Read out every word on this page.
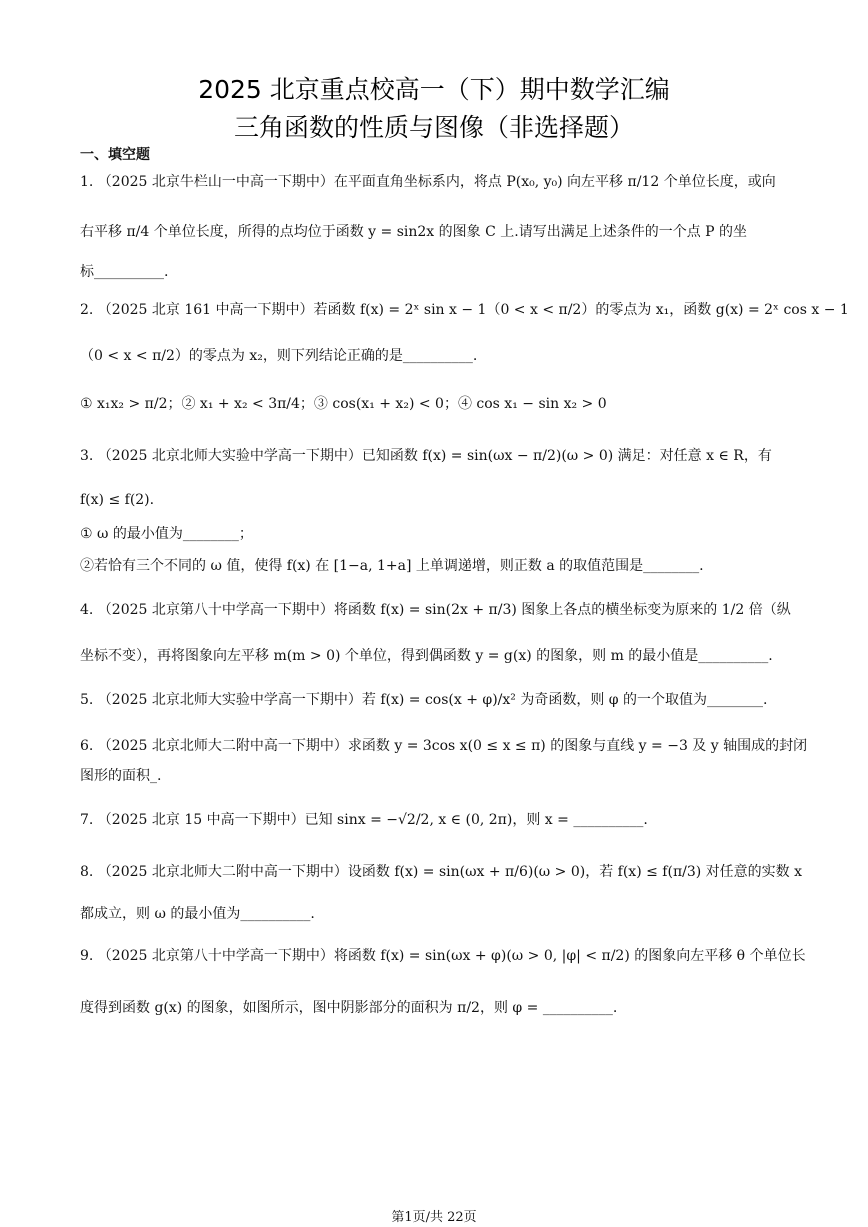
2025 北京重点校高一（下）期中数学汇编
三角函数的性质与图像（非选择题）
一、填空题
1. （2025 北京牛栏山一中高一下期中）在平面直角坐标系内，将点 P(x₀, y₀) 向左平移 π/12 个单位长度，或向
右平移 π/4 个单位长度，所得的点均位于函数 y = sin2x 的图象 C 上.请写出满足上述条件的一个点 P 的坐
标__________.
2. （2025 北京 161 中高一下期中）若函数 f(x) = 2ˣ sin x − 1（0 < x < π/2）的零点为 x₁，函数 g(x) = 2ˣ cos x − 1
（0 < x < π/2）的零点为 x₂，则下列结论正确的是__________.
① x₁x₂ > π/2；② x₁ + x₂ < 3π/4；③ cos(x₁ + x₂) < 0；④ cos x₁ − sin x₂ > 0
3. （2025 北京北师大实验中学高一下期中）已知函数 f(x) = sin(ωx − π/2)(ω > 0) 满足：对任意 x ∈ R，有
f(x) ≤ f(2).
① ω 的最小值为________；
②若恰有三个不同的 ω 值，使得 f(x) 在 [1−a, 1+a] 上单调递增，则正数 a 的取值范围是________.
4. （2025 北京第八十中学高一下期中）将函数 f(x) = sin(2x + π/3) 图象上各点的横坐标变为原来的 1/2 倍（纵
坐标不变），再将图象向左平移 m(m > 0) 个单位，得到偶函数 y = g(x) 的图象，则 m 的最小值是__________.
5. （2025 北京北师大实验中学高一下期中）若 f(x) = cos(x + φ)/x² 为奇函数，则 φ 的一个取值为________.
6. （2025 北京北师大二附中高一下期中）求函数 y = 3cos x(0 ≤ x ≤ π) 的图象与直线 y = −3 及 y 轴围成的封闭
图形的面积_.
7. （2025 北京 15 中高一下期中）已知 sinx = −√2/2, x ∈ (0, 2π)，则 x = __________.
8. （2025 北京北师大二附中高一下期中）设函数 f(x) = sin(ωx + π/6)(ω > 0)，若 f(x) ≤ f(π/3) 对任意的实数 x
都成立，则 ω 的最小值为__________.
9. （2025 北京第八十中学高一下期中）将函数 f(x) = sin(ωx + φ)(ω > 0, |φ| < π/2) 的图象向左平移 θ 个单位长
度得到函数 g(x) 的图象，如图所示，图中阴影部分的面积为 π/2，则 φ = __________.
第1页/共 22页
